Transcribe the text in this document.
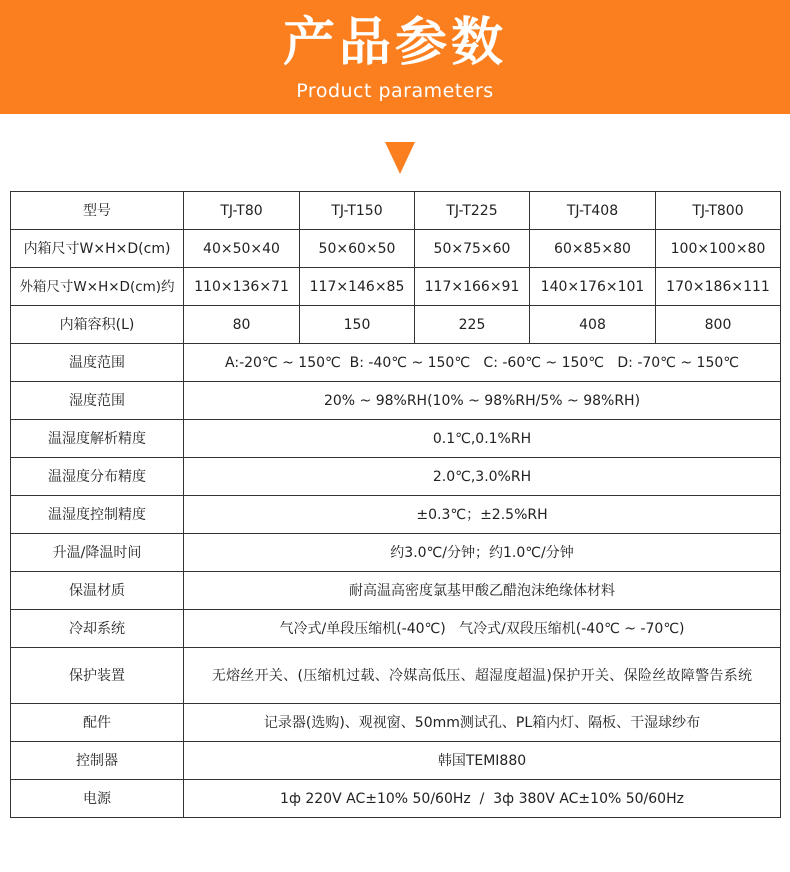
产品参数
Product parameters
型号	TJ-T80	TJ-T150	TJ-T225	TJ-T408	TJ-T800
内箱尺寸W×H×D(cm)	40×50×40	50×60×50	50×75×60	60×85×80	100×100×80
外箱尺寸W×H×D(cm)约	110×136×71	117×146×85	117×166×91	140×176×101	170×186×111
内箱容积(L)	80	150	225	408	800
温度范围	A:-20℃ ~ 150℃  B: -40℃ ~ 150℃   C: -60℃ ~ 150℃   D: -70℃ ~ 150℃				
湿度范围	20% ~ 98%RH(10% ~ 98%RH/5% ~ 98%RH)				
温湿度解析精度	0.1℃,0.1%RH				
温湿度分布精度	2.0℃,3.0%RH				
温湿度控制精度	±0.3℃；±2.5%RH				
升温/降温时间	约3.0℃/分钟；约1.0℃/分钟				
保温材质	耐高温高密度氯基甲酸乙醋泡沫绝缘体材料				
冷却系统	气冷式/单段压缩机(-40℃)   气冷式/双段压缩机(-40℃ ~ -70℃)				
保护装置	无熔丝开关、(压缩机过载、冷媒高低压、超湿度超温)保护开关、保险丝故障警告系统				
配件	记录器(选购)、观视窗、50mm测试孔、PL箱内灯、隔板、干湿球纱布				
控制器	韩国TEMI880				
电源	1ф 220V AC±10% 50/60Hz  /  3ф 380V AC±10% 50/60Hz				
